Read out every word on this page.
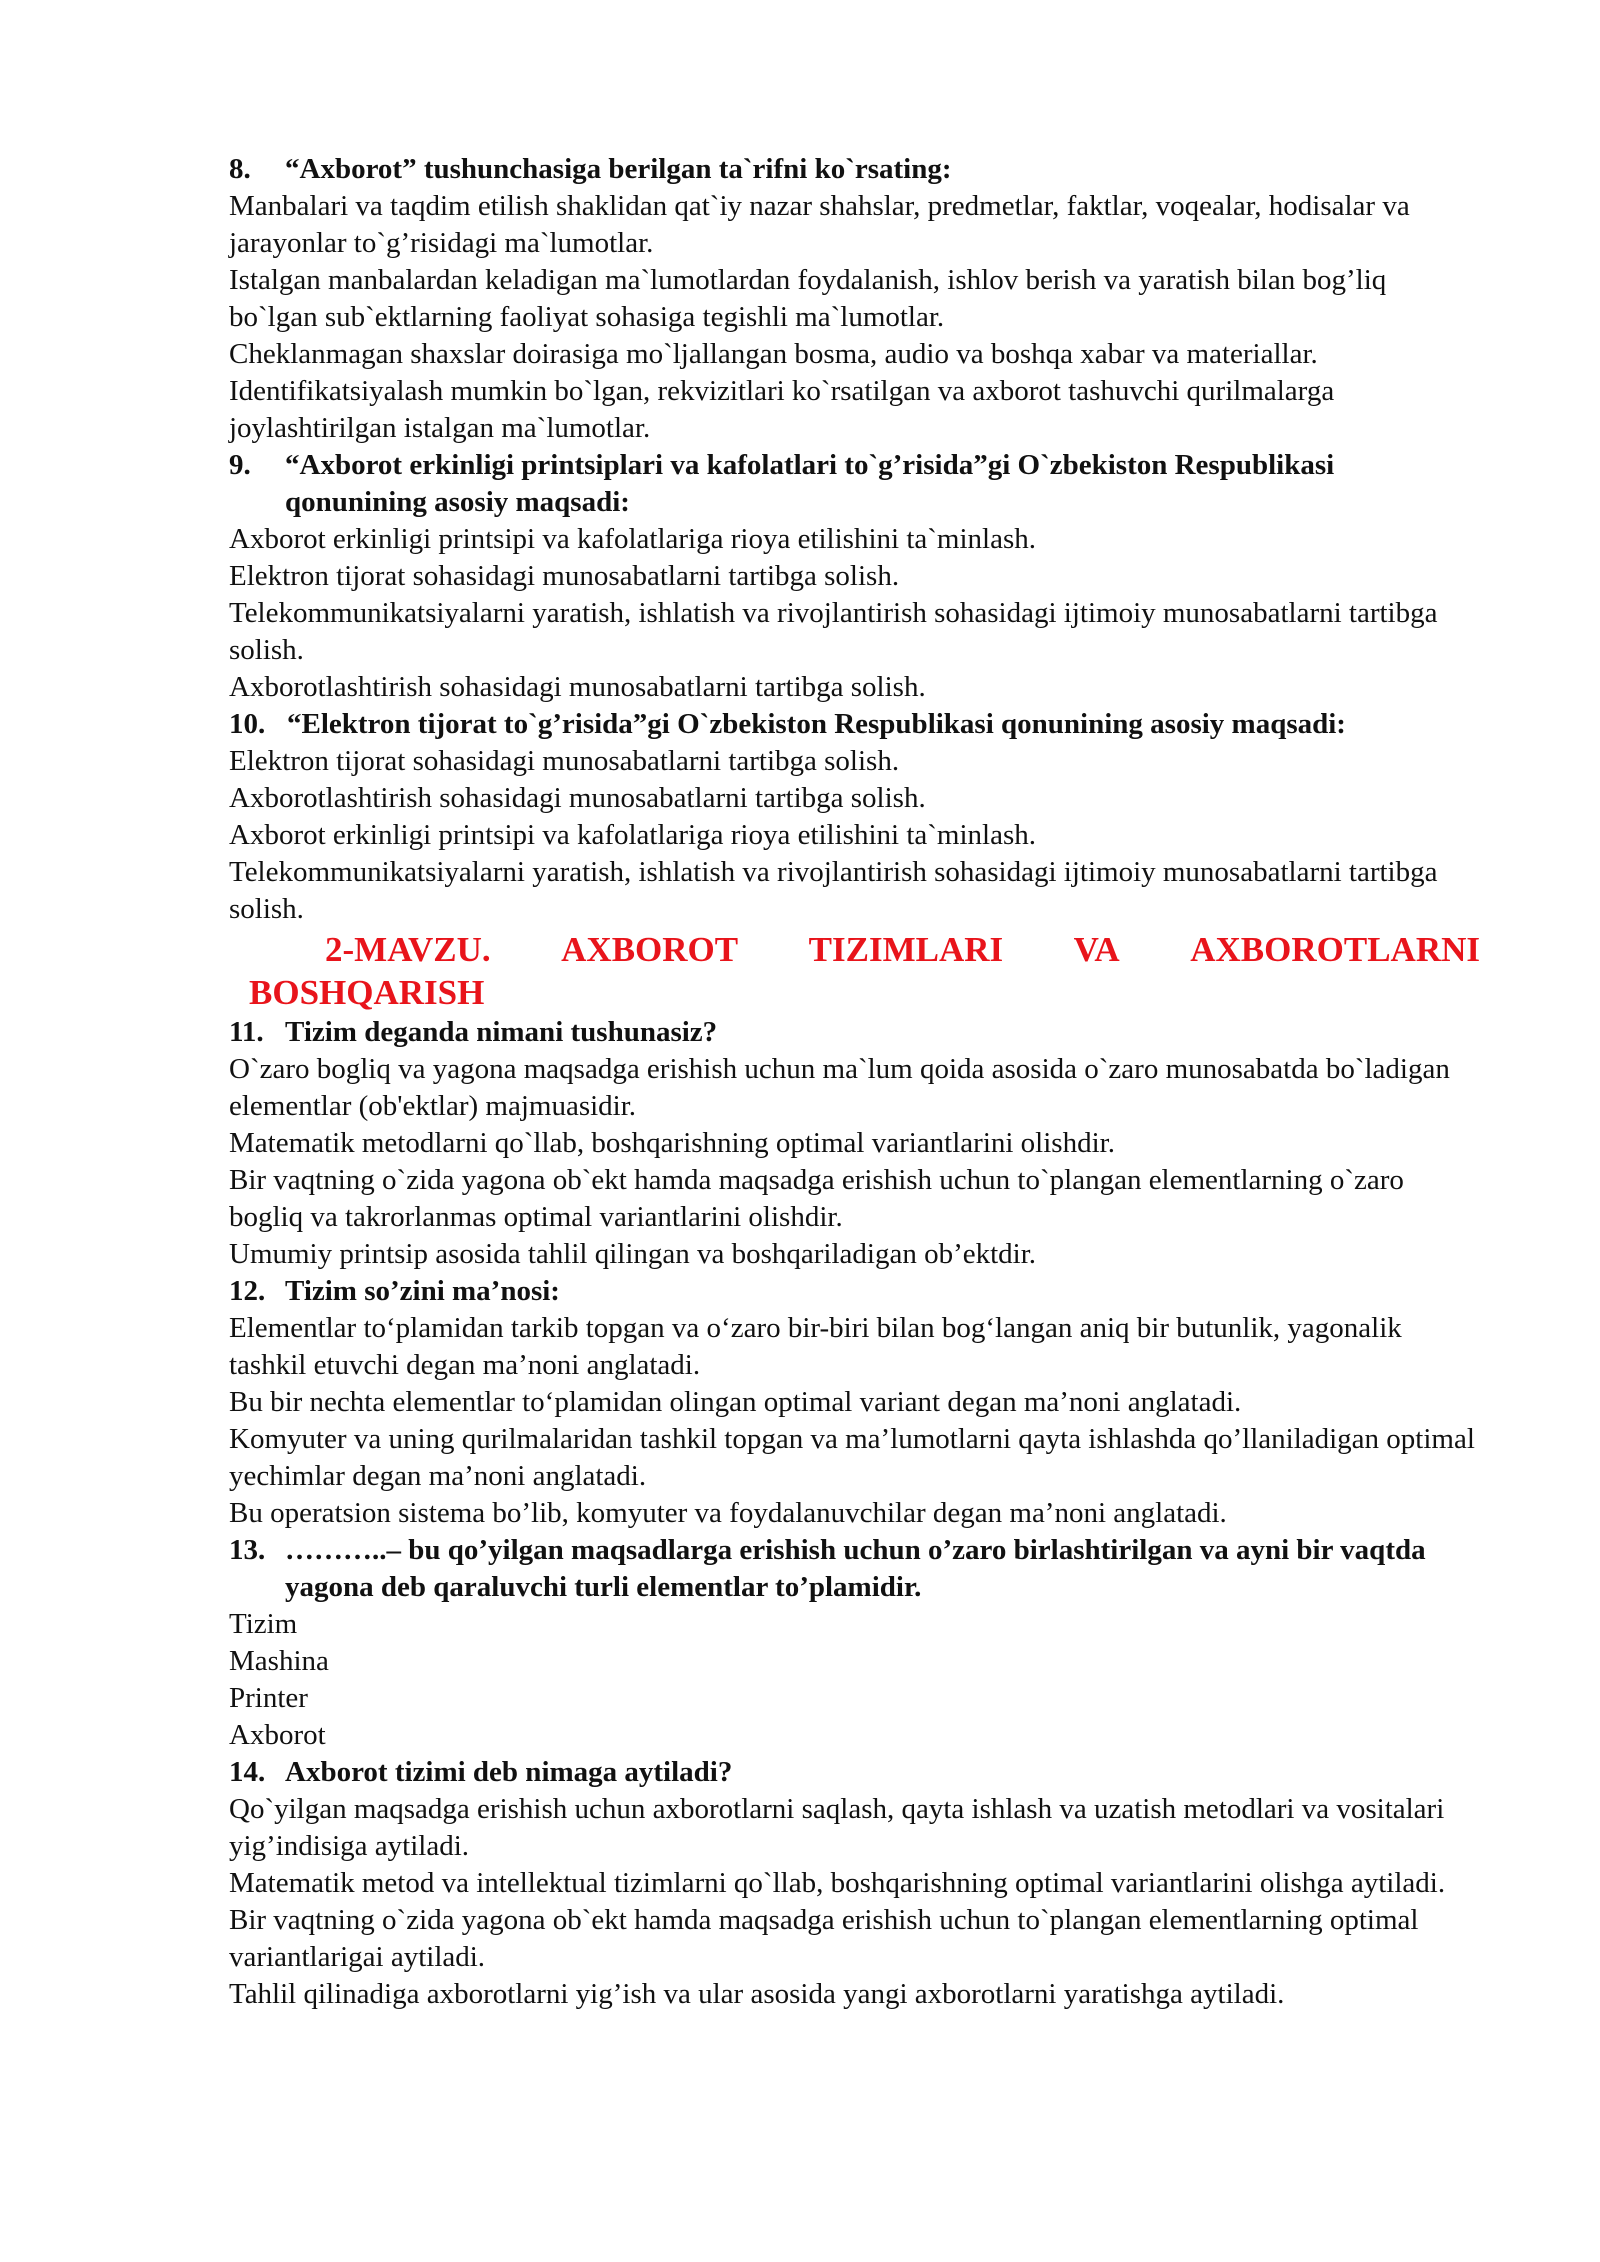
8.	“Axborot” tushunchasiga berilgan ta`rifni ko`rsating:

Manbalari va taqdim etilish shaklidan qat`iy nazar shahslar, predmetlar, faktlar, voqealar, hodisalar va jarayonlar to`g’risidagi ma`lumotlar.

Istalgan manbalardan keladigan ma`lumotlardan foydalanish, ishlov berish va yaratish bilan bog’liq bo`lgan sub`ektlarning faoliyat sohasiga tegishli ma`lumotlar.

Cheklanmagan shaxslar doirasiga mo`ljallangan bosma, audio va boshqa xabar va materiallar.

Identifikatsiyalash mumkin bo`lgan, rekvizitlari ko`rsatilgan va axborot tashuvchi qurilmalarga joylashtirilgan istalgan ma`lumotlar.

9.	“Axborot erkinligi printsiplari va kafolatlari to`g’risida”gi O`zbekiston Respublikasi qonunining asosiy maqsadi:

Axborot erkinligi printsipi va kafolatlariga rioya etilishini ta`minlash.

Elektron tijorat sohasidagi munosabatlarni tartibga solish.

Telekommunikatsiyalarni yaratish, ishlatish va rivojlantirish sohasidagi ijtimoiy munosabatlarni tartibga solish.

Axborotlashtirish sohasidagi munosabatlarni tartibga solish.

10. “Elektron tijorat to`g’risida”gi O`zbekiston Respublikasi qonunining asosiy maqsadi:

Elektron tijorat sohasidagi munosabatlarni tartibga solish.

Axborotlashtirish sohasidagi munosabatlarni tartibga solish.

Axborot erkinligi printsipi va kafolatlariga rioya etilishini ta`minlash.

Telekommunikatsiyalarni yaratish, ishlatish va rivojlantirish sohasidagi ijtimoiy munosabatlarni tartibga solish.

2-MAVZU. AXBOROT TIZIMLARI VA AXBOROTLARNI
BOSHQARISH

11. Tizim deganda nimani tushunasiz?

O`zaro bogliq va yagona maqsadga erishish uchun ma`lum qoida asosida o`zaro munosabatda bo`ladigan elementlar (ob'ektlar) majmuasidir.

Matematik metodlarni qo`llab, boshqarishning optimal variantlarini olishdir.

Bir vaqtning o`zida yagona ob`ekt hamda maqsadga erishish uchun to`plangan elementlarning o`zaro bogliq va takrorlanmas optimal variantlarini olishdir.

Umumiy printsip asosida tahlil qilingan va boshqariladigan ob’ektdir.

12. Tizim so’zini ma’nosi:

Elementlar to‘plamidan tarkib topgan va o‘zaro bir-biri bilan bog‘langan aniq bir butunlik, yagonalik tashkil etuvchi degan ma’noni anglatadi.

Bu bir nechta elementlar to‘plamidan olingan optimal variant degan ma’noni anglatadi.

Komyuter va uning qurilmalaridan tashkil topgan va ma’lumotlarni qayta ishlashda qo’llaniladigan optimal yechimlar degan ma’noni anglatadi.

Bu operatsion sistema bo’lib, komyuter va foydalanuvchilar degan ma’noni anglatadi.

13. ………..– bu qo’yilgan maqsadlarga erishish uchun o’zaro birlashtirilgan va ayni bir vaqtda yagona deb qaraluvchi turli elementlar to’plamidir.

Tizim

Mashina

Printer

Axborot

14. Axborot tizimi deb nimaga aytiladi?

Qo`yilgan maqsadga erishish uchun axborotlarni saqlash, qayta ishlash va uzatish metodlari va vositalari yig’indisiga aytiladi.

Matematik metod va intellektual tizimlarni qo`llab, boshqarishning optimal variantlarini olishga aytiladi.

Bir vaqtning o`zida yagona ob`ekt hamda maqsadga erishish uchun to`plangan elementlarning optimal variantlarigai aytiladi.

Tahlil qilinadiga axborotlarni yig’ish va ular asosida yangi axborotlarni yaratishga aytiladi.
